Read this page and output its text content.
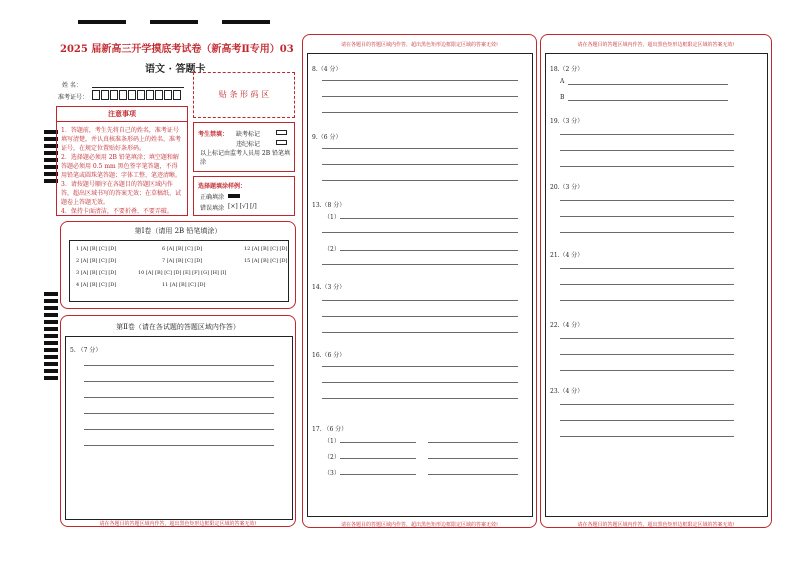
2025 届新高三开学摸底考试卷（新高考Ⅱ专用）03
语文 · 答题卡
姓 名：
准考证号：	贴 条 形 码 区
注意事项
1．答题前，考生先将自己的姓名，准考证号填写清楚，并认真核准条形码上的姓名、准考证号，在规定位置贴好条形码。
2．选择题必须用 2B 铅笔填涂；填空题和解答题必须用 0.5 mm 黑色签字笔答题，不得用铅笔或圆珠笔答题；字体工整、笔迹清晰。
3．请按题号顺序在各题目的答题区域内作答，超出区域书写的答案无效；在草稿纸、试题卷上答题无效。
4．保持卡面清洁，不要折叠、不要弄破。
考生禁填： 缺考标记
违纪标记
以上标记由监考人员用 2B 铅笔填涂
选择题填涂样例：
正确填涂
错误填涂 [×] [√] [/]
第Ⅰ卷（请用 2B 铅笔填涂）
1 [A] [B] [C] [D]	6 [A] [B] [C] [D]	12 [A] [B] [C] [D]
2 [A] [B] [C] [D]	7 [A] [B] [C] [D]	15 [A] [B] [C] [D]
3 [A] [B] [C] [D]	10 [A] [B] [C] [D] [E] [F] [G] [H] [I]
4 [A] [B] [C] [D]	11 [A] [B] [C] [D]
第Ⅱ卷（请在各试题的答题区域内作答）
5. （7 分）
请在各题目的答题区域内作答，超出黑色矩形边框限定区域的答案无效!
请在各题目的答题区域内作答，超出黑色矩形边框限定区域的答案无效!
8.（4 分）
9.（6 分）
13.（8 分）
（1）
（2）
14.（3 分）
16.（6 分）
17. （6 分）
（1）
（2）
（3）
请在各题目的答题区域内作答，超出黑色矩形边框限定区域的答案无效!
请在各题目的答题区域内作答，超出黑色矩形边框限定区域的答案无效!
18.（2 分）
A
B
19.（3 分）
20.（3 分）
21.（4 分）
22.（4 分）
23.（4 分）
请在各题目的答题区域内作答，超出黑色矩形边框限定区域的答案无效!
